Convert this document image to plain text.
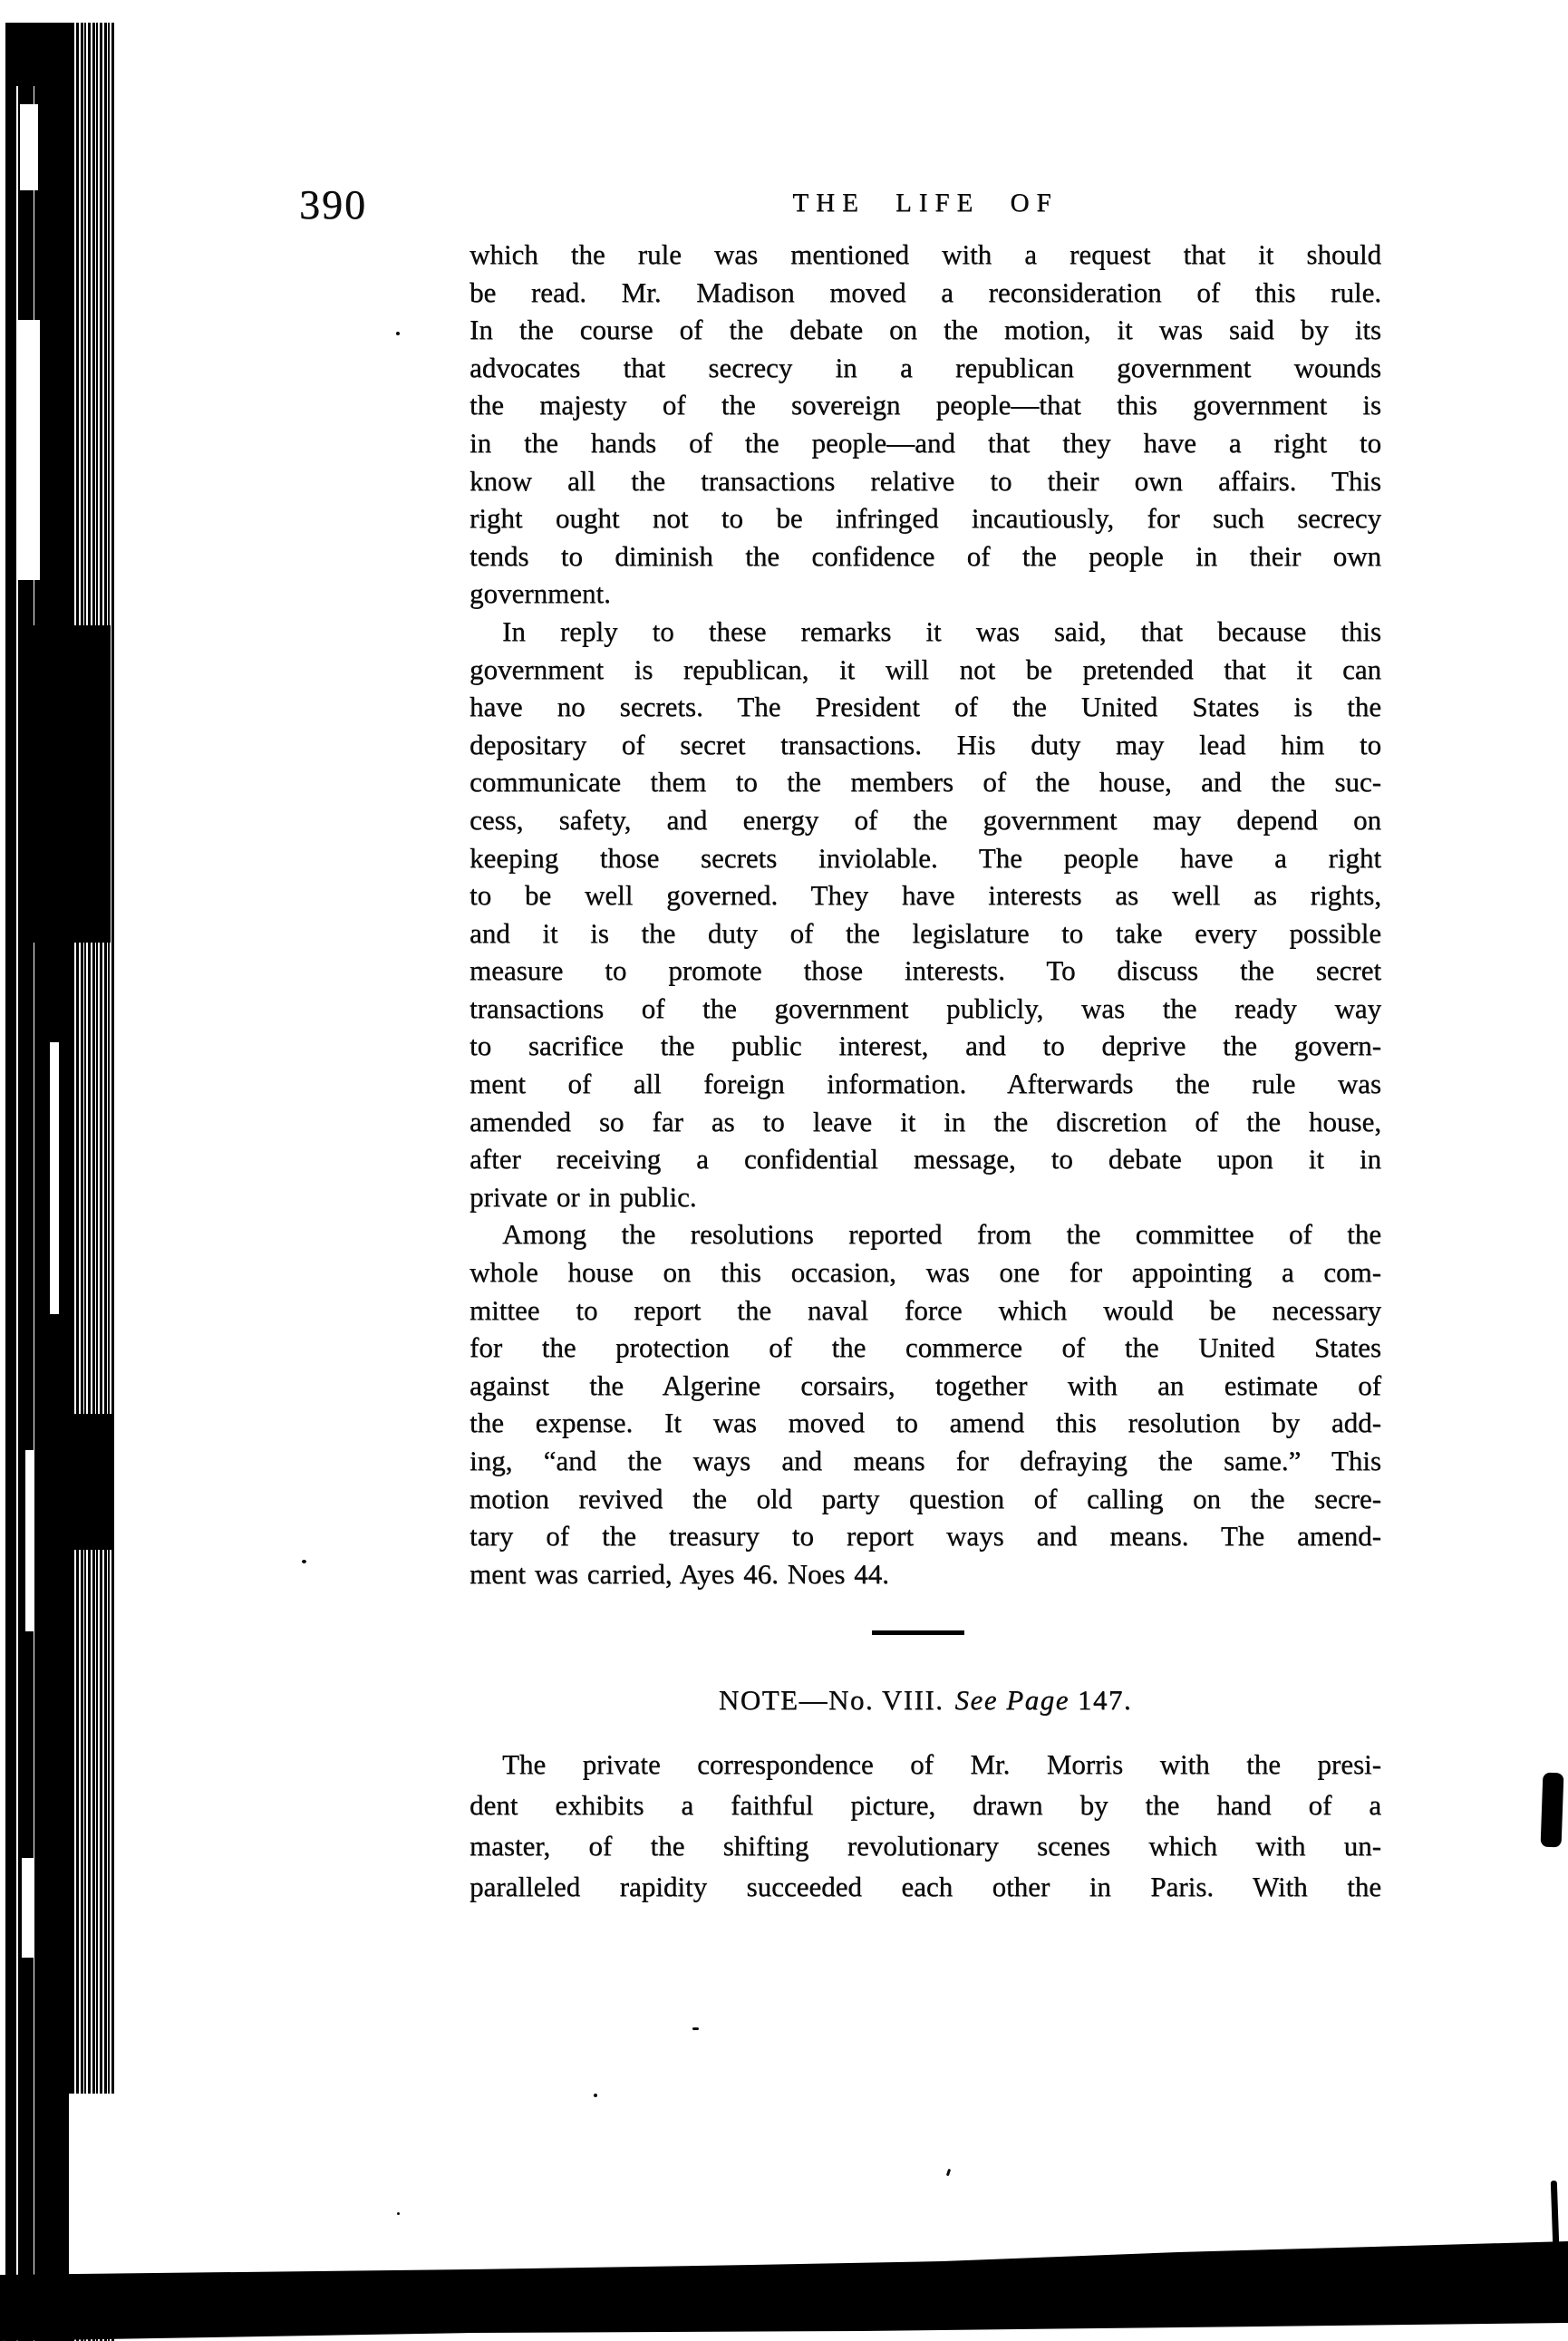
390	THE LIFE OF
which the rule was mentioned with a request that it should
be read. Mr. Madison moved a reconsideration of this rule.
In the course of the debate on the motion, it was said by its
advocates that secrecy in a republican government wounds
the majesty of the sovereign people—that this government is
in the hands of the people—and that they have a right to
know all the transactions relative to their own affairs. This
right ought not to be infringed incautiously, for such secrecy
tends to diminish the confidence of the people in their own
government.
In reply to these remarks it was said, that because this
government is republican, it will not be pretended that it can
have no secrets. The President of the United States is the
depositary of secret transactions. His duty may lead him to
communicate them to the members of the house, and the suc-
cess, safety, and energy of the government may depend on
keeping those secrets inviolable. The people have a right
to be well governed. They have interests as well as rights,
and it is the duty of the legislature to take every possible
measure to promote those interests. To discuss the secret
transactions of the government publicly, was the ready way
to sacrifice the public interest, and to deprive the govern-
ment of all foreign information. Afterwards the rule was
amended so far as to leave it in the discretion of the house,
after receiving a confidential message, to debate upon it in
private or in public.
Among the resolutions reported from the committee of the
whole house on this occasion, was one for appointing a com-
mittee to report the naval force which would be necessary
for the protection of the commerce of the United States
against the Algerine corsairs, together with an estimate of
the expense. It was moved to amend this resolution by add-
ing, “and the ways and means for defraying the same.” This
motion revived the old party question of calling on the secre-
tary of the treasury to report ways and means. The amend-
ment was carried, Ayes 46. Noes 44.
NOTE—No. VIII. See Page 147.
The private correspondence of Mr. Morris with the presi-
dent exhibits a faithful picture, drawn by the hand of a
master, of the shifting revolutionary scenes which with un-
paralleled rapidity succeeded each other in Paris. With the
